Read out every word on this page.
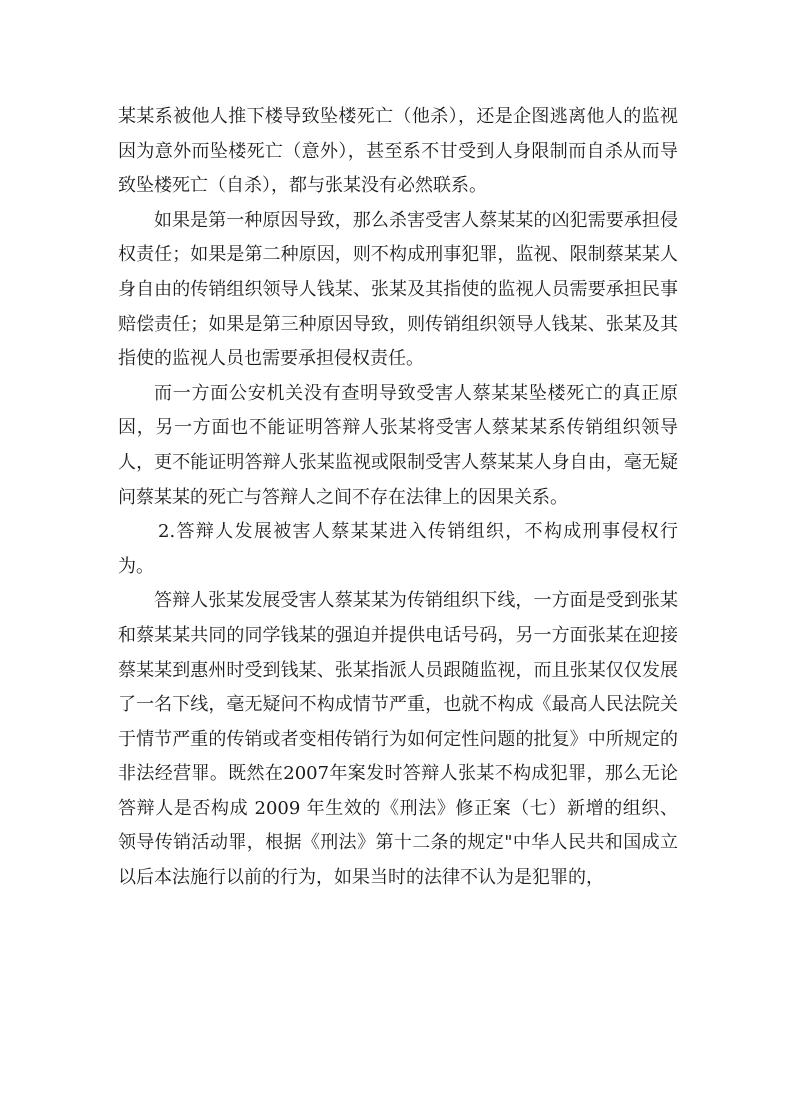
某某系被他人推下楼导致坠楼死亡（他杀），还是企图逃离他人的监视因为意外而坠楼死亡（意外），甚至系不甘受到人身限制而自杀从而导致坠楼死亡（自杀），都与张某没有必然联系。

如果是第一种原因导致，那么杀害受害人蔡某某的凶犯需要承担侵权责任；如果是第二种原因，则不构成刑事犯罪，监视、限制蔡某某人身自由的传销组织领导人钱某、张某及其指使的监视人员需要承担民事赔偿责任；如果是第三种原因导致，则传销组织领导人钱某、张某及其指使的监视人员也需要承担侵权责任。

而一方面公安机关没有查明导致受害人蔡某某坠楼死亡的真正原因，另一方面也不能证明答辩人张某将受害人蔡某某系传销组织领导人，更不能证明答辩人张某监视或限制受害人蔡某某人身自由，毫无疑问蔡某某的死亡与答辩人之间不存在法律上的因果关系。

2.答辩人发展被害人蔡某某进入传销组织，不构成刑事侵权行为。

答辩人张某发展受害人蔡某某为传销组织下线，一方面是受到张某和蔡某某共同的同学钱某的强迫并提供电话号码，另一方面张某在迎接蔡某某到惠州时受到钱某、张某指派人员跟随监视，而且张某仅仅发展了一名下线，毫无疑问不构成情节严重，也就不构成《最高人民法院关于情节严重的传销或者变相传销行为如何定性问题的批复》中所规定的非法经营罪。既然在2007年案发时答辩人张某不构成犯罪，那么无论答辩人是否构成 2009 年生效的《刑法》修正案（七）新增的组织、领导传销活动罪，根据《刑法》第十二条的规定"中华人民共和国成立以后本法施行以前的行为，如果当时的法律不认为是犯罪的，
